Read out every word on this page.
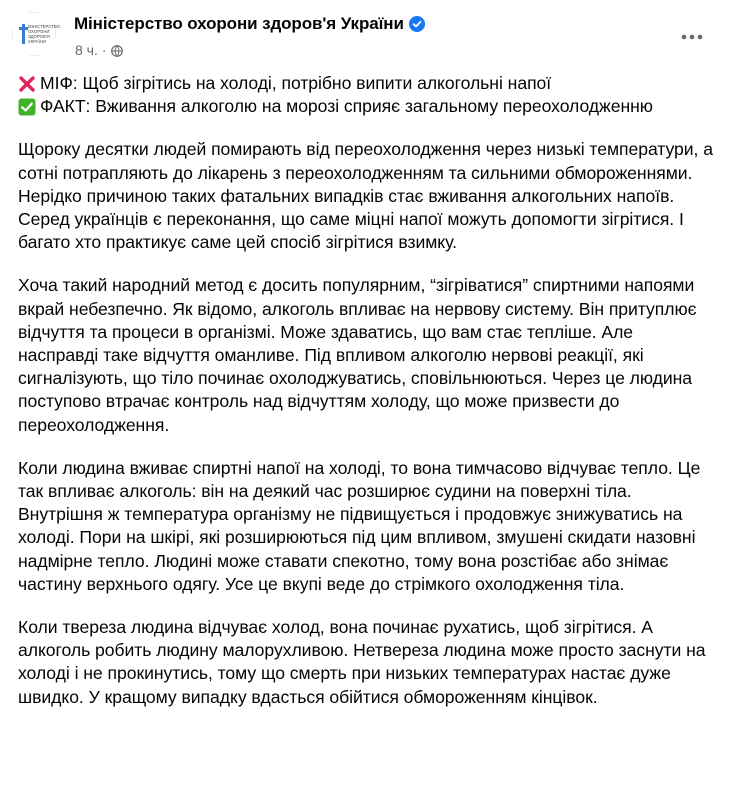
МІНІСТЕРСТВО
ОХОРОНИ
ЗДОРОВ'Я
УКРАЇНИ
Міністерство охорони здоров'я України
8 ч. ·
МІФ: Щоб зігрітись на холоді, потрібно випити алкогольні напої
ФАКТ: Вживання алкоголю на морозі сприяє загальному переохолодженню

Щороку десятки людей помирають від переохолодження через низькі температури, а сотні потрапляють до лікарень з переохолодженням та сильними обмороженнями. Нерідко причиною таких фатальних випадків стає вживання алкогольних напоїв. Серед українців є переконання, що саме міцні напої можуть допомогти зігрітися. І багато хто практикує саме цей спосіб зігрітися взимку.

Хоча такий народний метод є досить популярним, “зігріватися” спиртними напоями вкрай небезпечно. Як відомо, алкоголь впливає на нервову систему. Він притуплює відчуття та процеси в організмі. Може здаватись, що вам стає тепліше. Але насправді таке відчуття оманливе. Під впливом алкоголю нервові реакції, які сигналізують, що тіло починає охолоджуватись, сповільнюються. Через це людина поступово втрачає контроль над відчуттям холоду, що може призвести до переохолодження.

Коли людина вживає спиртні напої на холоді, то вона тимчасово відчуває тепло. Це так впливає алкоголь: він на деякий час розширює судини на поверхні тіла. Внутрішня ж температура організму не підвищується і продовжує знижуватись на холоді. Пори на шкірі, які розширюються під цим впливом, змушені скидати назовні надмірне тепло. Людині може ставати спекотно, тому вона розстібає або знімає частину верхнього одягу. Усе це вкупі веде до стрімкого охолодження тіла.

Коли твереза людина відчуває холод, вона починає рухатись, щоб зігрітися. А алкоголь робить людину малорухливою. Нетвереза людина може просто заснути на холоді і не прокинутись, тому що смерть при низьких температурах настає дуже швидко. У кращому випадку вдасться обійтися обмороженням кінцівок.
